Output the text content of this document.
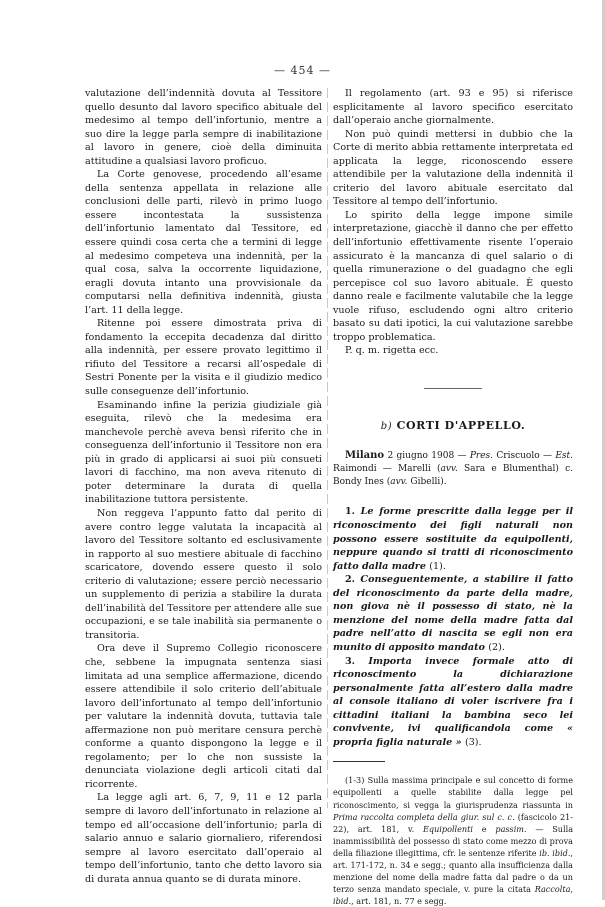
— 454 —

valutazione dell’indennità dovuta al Tessitore quello desunto dal lavoro specifico abituale del medesimo al tempo dell’infortunio, mentre a suo dire la legge parla sempre di inabilitazione al lavoro in genere, cioè della diminuita attitudine a qualsiasi lavoro proficuo.

La Corte genovese, procedendo all’esame della sentenza appellata in relazione alle conclusioni delle parti, rilevò in primo luogo essere incontestata la sussistenza dell’infortunio lamentato dal Tessitore, ed essere quindi cosa certa che a termini di legge al medesimo competeva una indennità, per la qual cosa, salva la occorrente liquidazione, eragli dovuta intanto una provvisionale da computarsi nella definitiva indennità, giusta l’art. 11 della legge.

Ritenne poi essere dimostrata priva di fondamento la eccepita decadenza dal diritto alla indennità, per essere provato legittimo il rifiuto del Tessitore a recarsi all’ospedale di Sestri Ponente per la visita e il giudizio medico sulle conseguenze dell’infortunio.

Esaminando infine la perizia giudiziale già eseguita, rilevò che la medesima era manchevole perchè aveva bensì riferito che in conseguenza dell’infortunio il Tessitore non era più in grado di applicarsi ai suoi più consueti lavori di facchino, ma non aveva ritenuto di poter determinare la durata di quella inabilitazione tuttora persistente.

Non reggeva l’appunto fatto dal perito di avere contro legge valutata la incapacità al lavoro del Tessitore soltanto ed esclusivamente in rapporto al suo mestiere abituale di facchino scaricatore, dovendo essere questo il solo criterio di valutazione; essere perciò necessario un supplemento di perizia a stabilire la durata dell’inabilità del Tessitore per attendere alle sue occupazioni, e se tale inabilità sia permanente o transitoria.

Ora deve il Supremo Collegio riconoscere che, sebbene la impugnata sentenza siasi limitata ad una semplice affermazione, dicendo essere attendibile il solo criterio dell’abituale lavoro dell’infortunato al tempo dell’infortunio per valutare la indennità dovuta, tuttavia tale affermazione non può meritare censura perchè conforme a quanto dispongono la legge e il regolamento; per lo che non sussiste la denunciata violazione degli articoli citati dal ricorrente.

La legge agli art. 6, 7, 9, 11 e 12 parla sempre di lavoro dell’infortunato in relazione al tempo ed all’occasione dell’infortunio; parla di salario annuo e salario giornaliero, riferendosi sempre al lavoro esercitato dall’operaio al tempo dell’infortunio, tanto che detto lavoro sia di durata annua quanto se di durata minore.

Il regolamento (art. 93 e 95) si riferisce esplicitamente al lavoro specifico esercitato dall’operaio anche giornalmente.

Non può quindi mettersi in dubbio che la Corte di merito abbia rettamente interpretata ed applicata la legge, riconoscendo essere attendibile per la valutazione della indennità il criterio del lavoro abituale esercitato dal Tessitore al tempo dell’infortunio.

Lo spirito della legge impone simile interpretazione, giacchè il danno che per effetto dell’infortunio effettivamente risente l’operaio assicurato è la mancanza di quel salario o di quella rimunerazione o del guadagno che egli percepisce col suo lavoro abituale. È questo danno reale e facilmente valutabile che la legge vuole rifuso, escludendo ogni altro criterio basato su dati ipotici, la cui valutazione sarebbe troppo problematica.

P. q. m. rigetta ecc.

b) CORTI D'APPELLO.

Milano 2 giugno 1908 — Pres. Criscuolo — Est. Raimondi — Marelli (avv. Sara e Blumenthal) c. Bondy Ines (avv. Gibelli).

1. Le forme prescritte dalla legge per il riconoscimento dei figli naturali non possono essere sostituite da equipollenti, neppure quando si tratti di riconoscimento fatto dalla madre (1).

2. Conseguentemente, a stabilire il fatto del riconoscimento da parte della madre, non giova nè il possesso di stato, nè la menzione del nome della madre fatta dal padre nell’atto di nascita se egli non era munito di apposito mandato (2).

3. Importa invece formale atto di riconoscimento la dichiarazione personalmente fatta all’estero dalla madre al console italiano di voler iscrivere fra i cittadini italiani la bambina seco lei convivente, ivi qualificandola come « propria figlia naturale » (3).

(1-3) Sulla massima principale e sul concetto di forme equipollenti a quelle stabilite dalla legge pel riconoscimento, si vegga la giurisprudenza riassunta in Prima raccolta completa della giur. sul c. c. (fascicolo 21-22), art. 181, v. Equipollenti e passim. — Sulla inammissibilità del possesso di stato come mezzo di prova della filiazione illegittima, cfr. le sentenze riferite ib. ibid., art. 171-172, n. 34 e segg.; quanto alla insufficienza dalla menzione del nome della madre fatta dal padre o da un terzo senza mandato speciale, v. pure la citata Raccolta, ibid., art. 181, n. 77 e segg.
